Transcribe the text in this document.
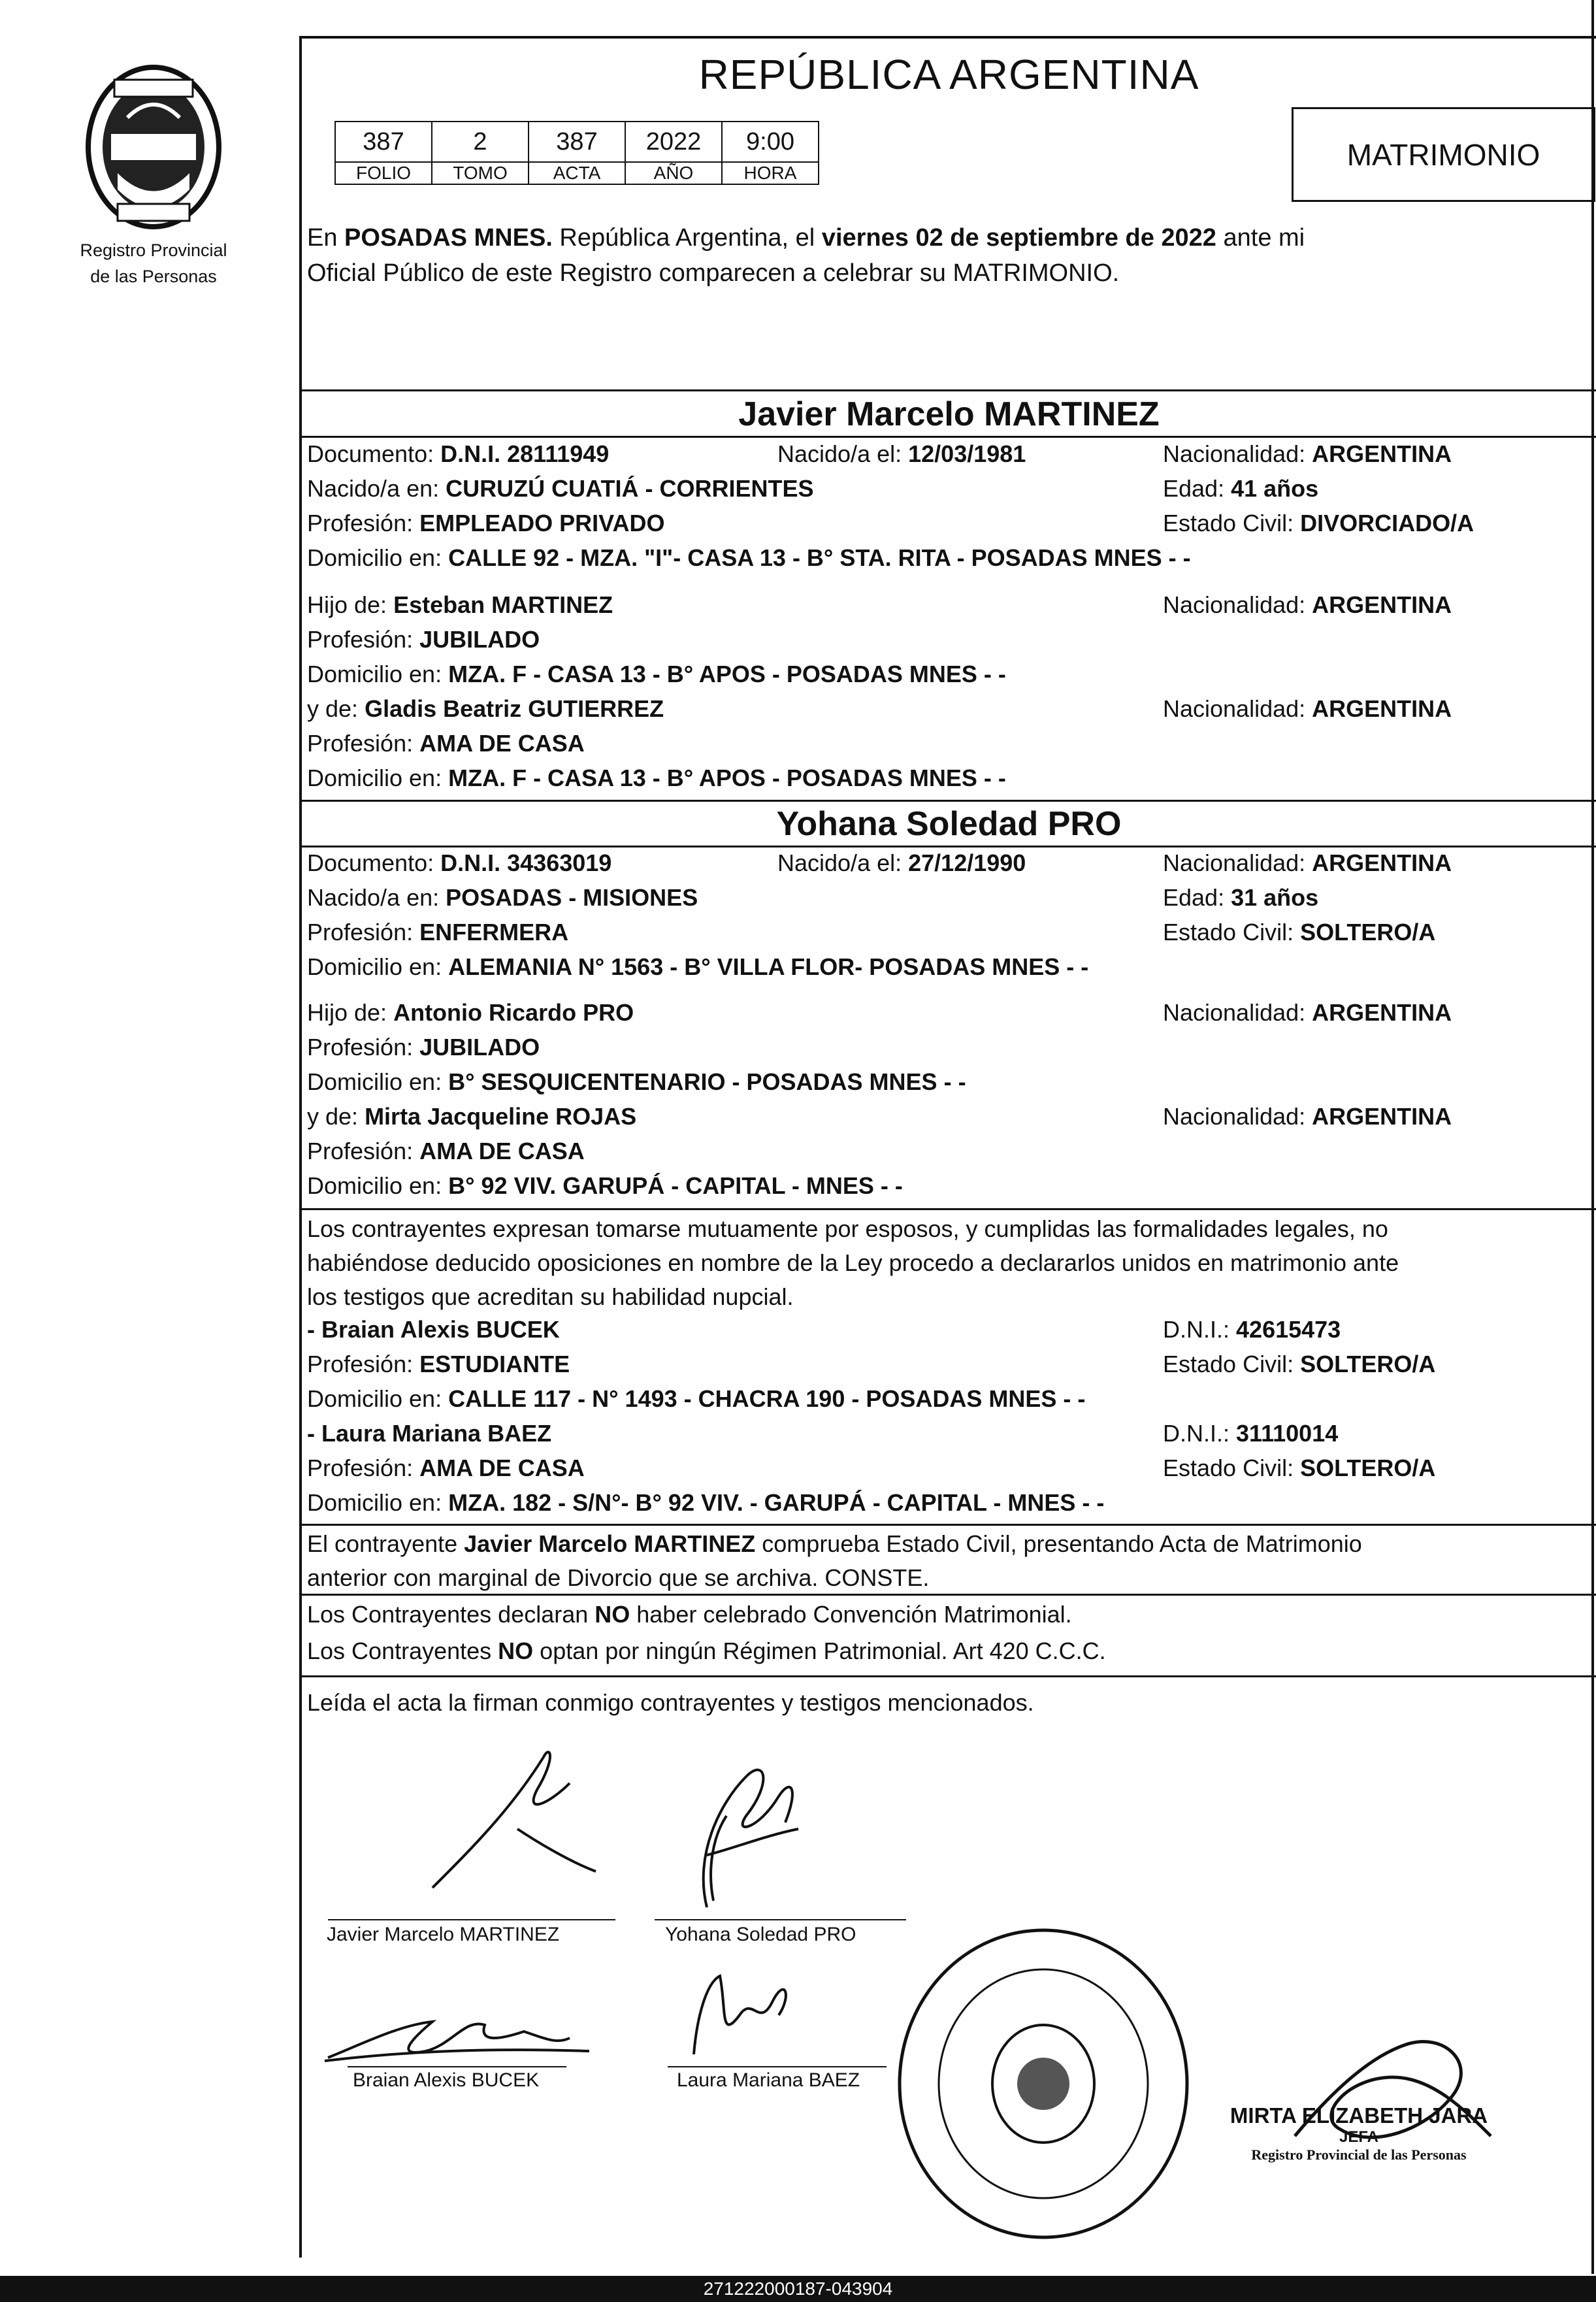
Registro Provincial
de las Personas
REPÚBLICA ARGENTINA
387	2	387	2022	9:00
FOLIO	TOMO	ACTA	AÑO	HORA
MATRIMONIO
En POSADAS MNES. República Argentina, el viernes 02 de septiembre de 2022 ante mi
Oficial Público de este Registro comparecen a celebrar su MATRIMONIO.
Javier Marcelo MARTINEZ
Documento: D.N.I. 28111949	Nacido/a el: 12/03/1981	Nacionalidad: ARGENTINA
Nacido/a en: CURUZÚ CUATIÁ - CORRIENTES	Edad: 41 años
Profesión: EMPLEADO PRIVADO	Estado Civil: DIVORCIADO/A
Domicilio en: CALLE 92 - MZA. "I"- CASA 13 - B° STA. RITA - POSADAS MNES - -
Hijo de: Esteban MARTINEZ	Nacionalidad: ARGENTINA
Profesión: JUBILADO
Domicilio en: MZA. F - CASA 13 - B° APOS - POSADAS MNES - -
y de: Gladis Beatriz GUTIERREZ	Nacionalidad: ARGENTINA
Profesión: AMA DE CASA
Domicilio en: MZA. F - CASA 13 - B° APOS - POSADAS MNES - -
Yohana Soledad PRO
Documento: D.N.I. 34363019	Nacido/a el: 27/12/1990	Nacionalidad: ARGENTINA
Nacido/a en: POSADAS - MISIONES	Edad: 31 años
Profesión: ENFERMERA	Estado Civil: SOLTERO/A
Domicilio en: ALEMANIA N° 1563 - B° VILLA FLOR- POSADAS MNES - -
Hijo de: Antonio Ricardo PRO	Nacionalidad: ARGENTINA
Profesión: JUBILADO
Domicilio en: B° SESQUICENTENARIO - POSADAS MNES - -
y de: Mirta Jacqueline ROJAS	Nacionalidad: ARGENTINA
Profesión: AMA DE CASA
Domicilio en: B° 92 VIV. GARUPÁ - CAPITAL - MNES - -
Los contrayentes expresan tomarse mutuamente por esposos, y cumplidas las formalidades legales, no
habiéndose deducido oposiciones en nombre de la Ley procedo a declararlos unidos en matrimonio ante
los testigos que acreditan su habilidad nupcial.
- Braian Alexis BUCEK	D.N.I.: 42615473
Profesión: ESTUDIANTE	Estado Civil: SOLTERO/A
Domicilio en: CALLE 117 - N° 1493 - CHACRA 190 - POSADAS MNES - -
- Laura Mariana BAEZ	D.N.I.: 31110014
Profesión: AMA DE CASA	Estado Civil: SOLTERO/A
Domicilio en: MZA. 182 - S/N°- B° 92 VIV. - GARUPÁ - CAPITAL - MNES - -
El contrayente Javier Marcelo MARTINEZ comprueba Estado Civil, presentando Acta de Matrimonio
anterior con marginal de Divorcio que se archiva. CONSTE.
Los Contrayentes declaran NO haber celebrado Convención Matrimonial.
Los Contrayentes NO optan por ningún Régimen Patrimonial. Art 420 C.C.C.
Leída el acta la firman conmigo contrayentes y testigos mencionados.
Javier Marcelo MARTINEZ	Yohana Soledad PRO
Braian Alexis BUCEK	Laura Mariana BAEZ
MIRTA ELIZABETH JARA
JEFA
Registro Provincial de las Personas
271222000187-043904
